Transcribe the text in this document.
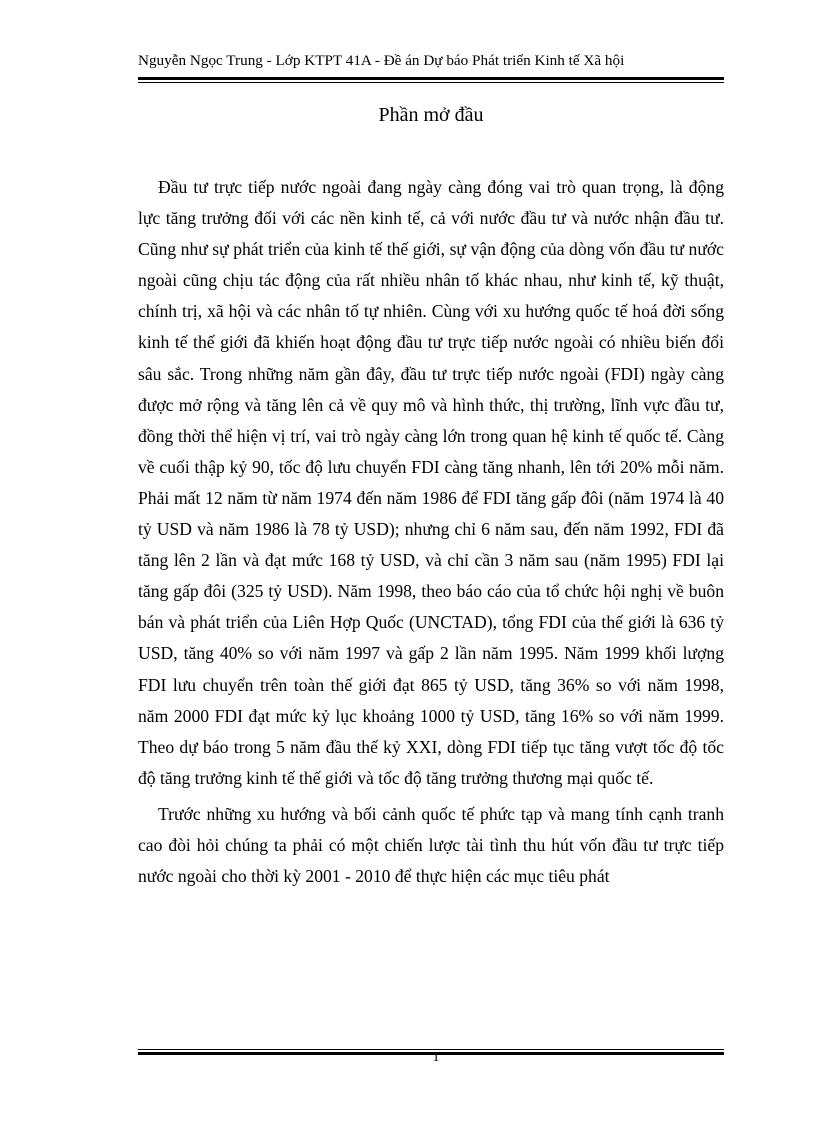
Nguyễn Ngọc Trung - Lớp KTPT 41A - Đề án Dự báo Phát triển Kinh tế Xã hội
Phần mở đầu

Đầu tư trực tiếp nước ngoài đang ngày càng đóng vai trò quan trọng, là động lực tăng trưởng đối với các nền kinh tế, cả với nước đầu tư và nước nhận đầu tư. Cũng như sự phát triển của kinh tế thế giới, sự vận động của dòng vốn đầu tư nước ngoài cũng chịu tác động của rất nhiều nhân tố khác nhau, như kinh tế, kỹ thuật, chính trị, xã hội và các nhân tố tự nhiên. Cùng với xu hướng quốc tế hoá đời sống kinh tế thế giới đã khiến hoạt động đầu tư trực tiếp nước ngoài có nhiều biến đổi sâu sắc. Trong những năm gần đây, đầu tư trực tiếp nước ngoài (FDI) ngày càng được mở rộng và tăng lên cả về quy mô và hình thức, thị trường, lĩnh vực đầu tư, đồng thời thể hiện vị trí, vai trò ngày càng lớn trong quan hệ kinh tế quốc tế. Càng về cuối thập kỷ 90, tốc độ lưu chuyển FDI càng tăng nhanh, lên tới 20% mỗi năm. Phải mất 12 năm từ năm 1974 đến năm 1986 để FDI tăng gấp đôi (năm 1974 là 40 tỷ USD và năm 1986 là 78 tỷ USD); nhưng chỉ 6 năm sau, đến năm 1992, FDI đã tăng lên 2 lần và đạt mức 168 tỷ USD, và chỉ cần 3 năm sau (năm 1995) FDI lại tăng gấp đôi (325 tỷ USD). Năm 1998, theo báo cáo của tổ chức hội nghị về buôn bán và phát triển của Liên Hợp Quốc (UNCTAD), tổng FDI của thế giới là 636 tỷ USD, tăng 40% so với năm 1997 và gấp 2 lần năm 1995. Năm 1999 khối lượng FDI lưu chuyển trên toàn thế giới đạt 865 tỷ USD, tăng 36% so với năm 1998, năm 2000 FDI đạt mức kỷ lục khoảng 1000 tỷ USD, tăng 16% so với năm 1999. Theo dự báo trong 5 năm đầu thế kỷ XXI, dòng FDI tiếp tục tăng vượt tốc độ tốc độ tăng trưởng kinh tế thế giới và tốc độ tăng trưởng thương mại quốc tế.

Trước những xu hướng và bối cảnh quốc tế phức tạp và mang tính cạnh tranh cao đòi hỏi chúng ta phải có một chiến lược tài tình thu hút vốn đầu tư trực tiếp nước ngoài cho thời kỳ 2001 - 2010 để thực hiện các mục tiêu phát

1
